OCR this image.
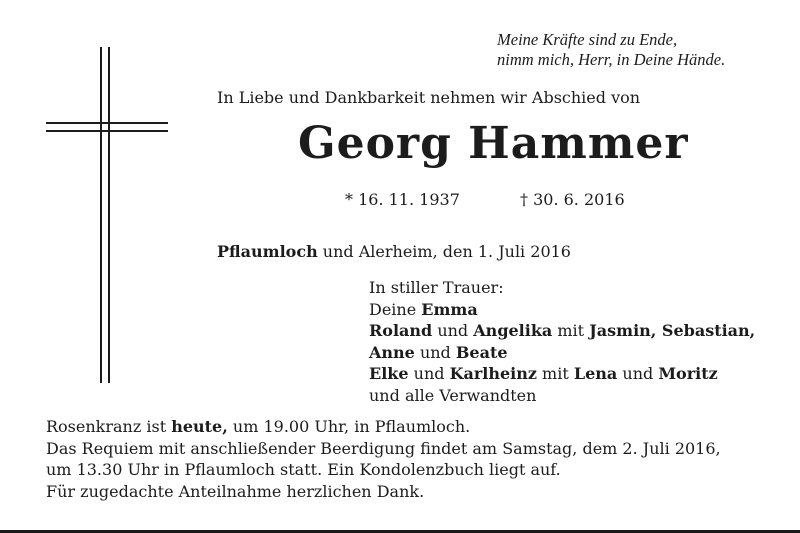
Meine Kräfte sind zu Ende,
nimm mich, Herr, in Deine Hände.
In Liebe und Dankbarkeit nehmen wir Abschied von
Georg Hammer
* 16. 11. 1937	† 30. 6. 2016
Pflaumloch und Alerheim, den 1. Juli 2016
In stiller Trauer:
Deine Emma
Roland und Angelika mit Jasmin, Sebastian,
Anne und Beate
Elke und Karlheinz mit Lena und Moritz
und alle Verwandten
Rosenkranz ist heute, um 19.00 Uhr, in Pflaumloch.
Das Requiem mit anschließender Beerdigung findet am Samstag, dem 2. Juli 2016,
um 13.30 Uhr in Pflaumloch statt. Ein Kondolenzbuch liegt auf.
Für zugedachte Anteilnahme herzlichen Dank.
